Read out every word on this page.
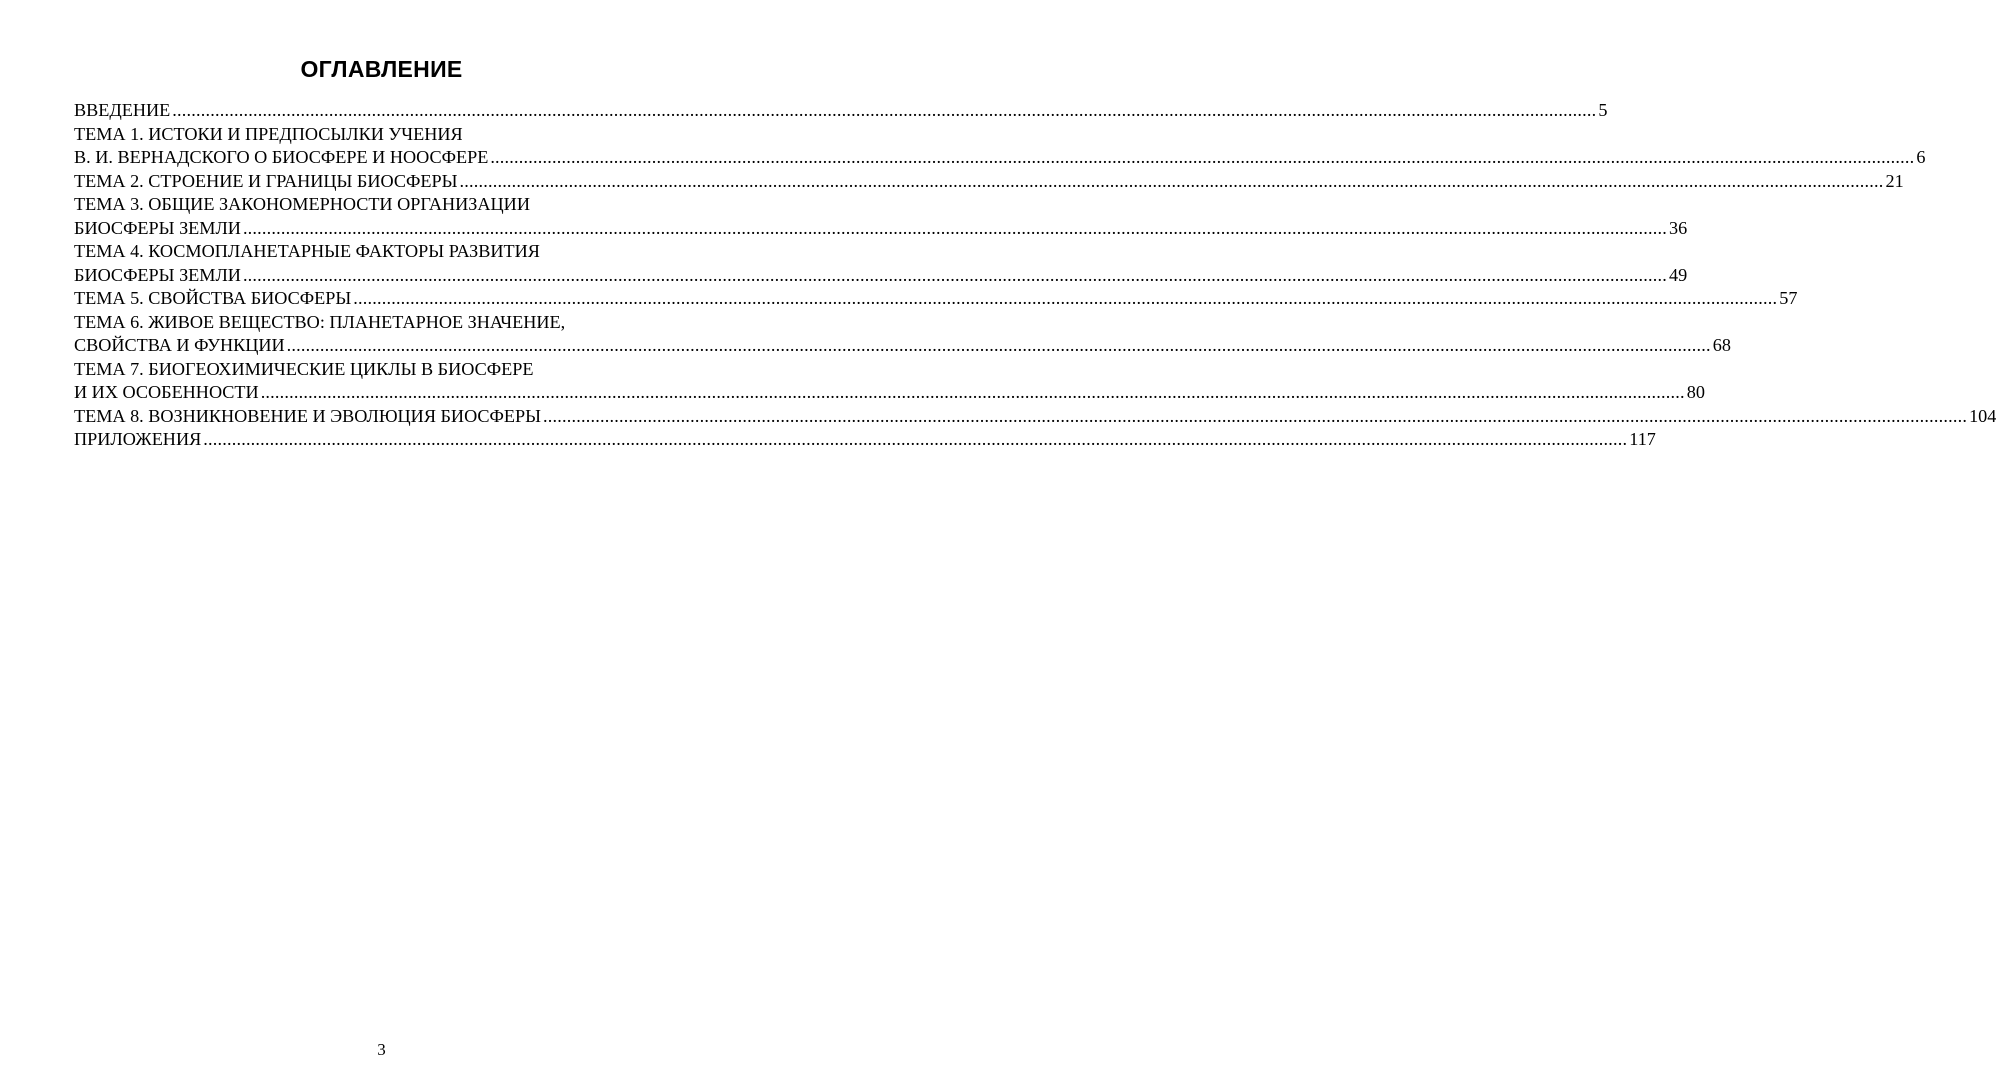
ОГЛАВЛЕНИЕ
ВВЕДЕНИЕ ............................................................................................................................................................................................................................................................................................................ 5
ТЕМА 1. ИСТОКИ И ПРЕДПОСЫЛКИ УЧЕНИЯ
В. И. ВЕРНАДСКОГО О БИОСФЕРЕ И НООСФЕРЕ ............................................................................................................................................................................................................................................................................................................ 6
ТЕМА 2. СТРОЕНИЕ И ГРАНИЦЫ БИОСФЕРЫ ............................................................................................................................................................................................................................................................................................................ 21
ТЕМА 3. ОБЩИЕ ЗАКОНОМЕРНОСТИ ОРГАНИЗАЦИИ
БИОСФЕРЫ ЗЕМЛИ ............................................................................................................................................................................................................................................................................................................ 36
ТЕМА 4. КОСМОПЛАНЕТАРНЫЕ ФАКТОРЫ РАЗВИТИЯ
БИОСФЕРЫ ЗЕМЛИ ............................................................................................................................................................................................................................................................................................................ 49
ТЕМА 5. СВОЙСТВА БИОСФЕРЫ ............................................................................................................................................................................................................................................................................................................ 57
ТЕМА 6. ЖИВОЕ ВЕЩЕСТВО: ПЛАНЕТАРНОЕ ЗНАЧЕНИЕ,
СВОЙСТВА И ФУНКЦИИ ............................................................................................................................................................................................................................................................................................................ 68
ТЕМА 7. БИОГЕОХИМИЧЕСКИЕ ЦИКЛЫ В БИОСФЕРЕ
И ИХ ОСОБЕННОСТИ ............................................................................................................................................................................................................................................................................................................ 80
ТЕМА 8. ВОЗНИКНОВЕНИЕ И ЭВОЛЮЦИЯ БИОСФЕРЫ ............................................................................................................................................................................................................................................................................................................ 104
ПРИЛОЖЕНИЯ ............................................................................................................................................................................................................................................................................................................ 117
3
